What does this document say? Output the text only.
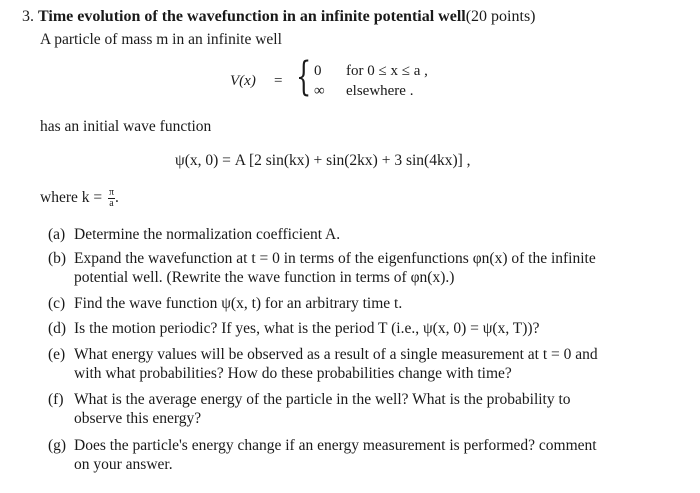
3. Time evolution of the wavefunction in an infinite potential well(20 points)
A particle of mass m in an infinite well
V(x) = { 0 for 0 ≤ x ≤ a ,
∞ elsewhere .
has an initial wave function
ψ(x, 0) = A [2 sin(kx) + sin(2kx) + 3 sin(4kx)] ,
where $k = \frac{\pi}{a}$ .
(a) Determine the normalization coefficient A.
(b) Expand the wavefunction at t = 0 in terms of the eigenfunctions φn(x) of the infinite
potential well. (Rewrite the wave function in terms of φn(x).)
(c) Find the wave function ψ(x, t) for an arbitrary time t.
(d) Is the motion periodic? If yes, what is the period T (i.e., ψ(x, 0) = ψ(x, T))?
(e) What energy values will be observed as a result of a single measurement at t = 0 and
with what probabilities? How do these probabilities change with time?
(f) What is the average energy of the particle in the well? What is the probability to
observe this energy?
(g) Does the particle's energy change if an energy measurement is performed? comment
on your answer.
